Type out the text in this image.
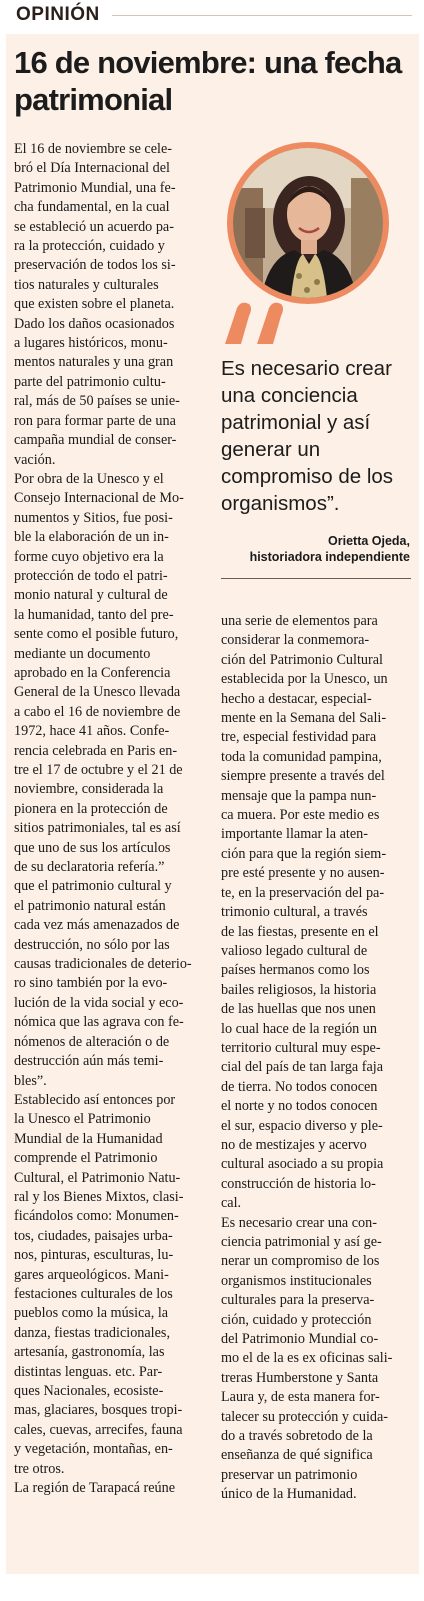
OPINIÓN
16 de noviembre: una fecha patrimonial
El 16 de noviembre se cele-
bró el Día Internacional del
Patrimonio Mundial, una fe-
cha fundamental, en la cual
se estableció un acuerdo pa-
ra la protección, cuidado y
preservación de todos los si-
tios naturales y culturales
que existen sobre el planeta.
Dado los daños ocasionados
a lugares históricos, monu-
mentos naturales y una gran
parte del patrimonio cultu-
ral, más de 50 países se unie-
ron para formar parte de una
campaña mundial de conser-
vación.
Por obra de la Unesco y el
Consejo Internacional de Mo-
numentos y Sitios, fue posi-
ble la elaboración de un in-
forme cuyo objetivo era la
protección de todo el patri-
monio natural y cultural de
la humanidad, tanto del pre-
sente como el posible futuro,
mediante un documento
aprobado en la Conferencia
General de la Unesco llevada
a cabo el 16 de noviembre de
1972, hace 41 años. Confe-
rencia celebrada en Paris en-
tre el 17 de octubre y el 21 de
noviembre, considerada la
pionera en la protección de
sitios patrimoniales, tal es así
que uno de sus los artículos
de su declaratoria refería.”
que el patrimonio cultural y
el patrimonio natural están
cada vez más amenazados de
destrucción, no sólo por las
causas tradicionales de deterio-
ro sino también por la evo-
lución de la vida social y eco-
nómica que las agrava con fe-
nómenos de alteración o de
destrucción aún más temi-
bles”.
Establecido así entonces por
la Unesco el Patrimonio
Mundial de la Humanidad
comprende el Patrimonio
Cultural, el Patrimonio Natu-
ral y los Bienes Mixtos, clasi-
ficándolos como: Monumen-
tos, ciudades, paisajes urba-
nos, pinturas, esculturas, lu-
gares arqueológicos. Mani-
festaciones culturales de los
pueblos como la música, la
danza, fiestas tradicionales,
artesanía, gastronomía, las
distintas lenguas. etc. Par-
ques Nacionales, ecosiste-
mas, glaciares, bosques tropi-
cales, cuevas, arrecifes, fauna
y vegetación, montañas, en-
tre otros.
La región de Tarapacá reúne
Es necesario crear
una conciencia
patrimonial y así
generar un
compromiso de los
organismos”.
Orietta Ojeda,
historiadora independiente
una serie de elementos para
considerar la conmemora-
ción del Patrimonio Cultural
establecida por la Unesco, un
hecho a destacar, especial-
mente en la Semana del Sali-
tre, especial festividad para
toda la comunidad pampina,
siempre presente a través del
mensaje que la pampa nun-
ca muera. Por este medio es
importante llamar la aten-
ción para que la región siem-
pre esté presente y no ausen-
te, en la preservación del pa-
trimonio cultural, a través
de las fiestas, presente en el
valioso legado cultural de
países hermanos como los
bailes religiosos, la historia
de las huellas que nos unen
lo cual hace de la región un
territorio cultural muy espe-
cial del país de tan larga faja
de tierra. No todos conocen
el norte y no todos conocen
el sur, espacio diverso y ple-
no de mestizajes y acervo
cultural asociado a su propia
construcción de historia lo-
cal.
Es necesario crear una con-
ciencia patrimonial y así ge-
nerar un compromiso de los
organismos institucionales
culturales para la preserva-
ción, cuidado y protección
del Patrimonio Mundial co-
mo el de la es ex oficinas sali-
treras Humberstone y Santa
Laura y, de esta manera for-
talecer su protección y cuida-
do a través sobretodo de la
enseñanza de qué significa
preservar un patrimonio
único de la Humanidad.
